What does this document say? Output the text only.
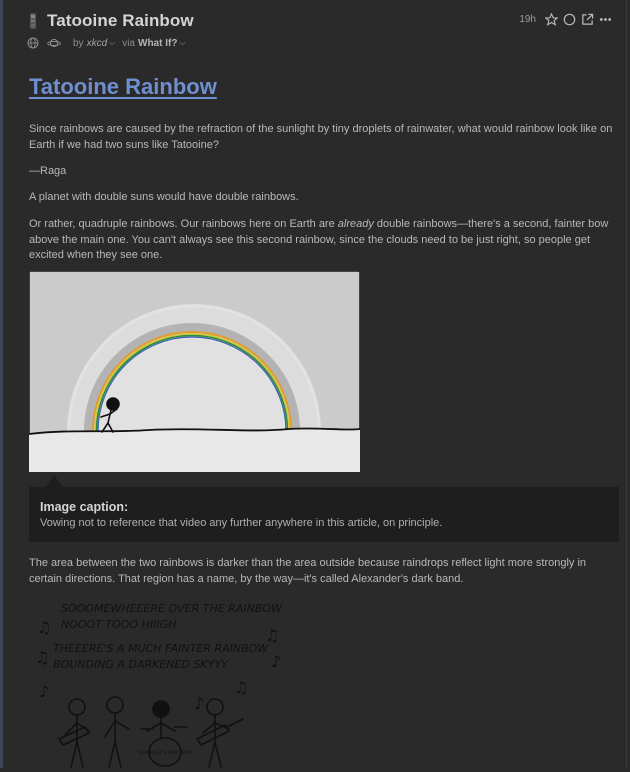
Tatooine Rainbow	19h
by xkcd ⌵ via What If? ⌵
Tatooine Rainbow

Since rainbows are caused by the refraction of the sunlight by tiny droplets of rainwater, what would rainbow look like on Earth if we had two suns like Tatooine?

—Raga

A planet with double suns would have double rainbows.

Or rather, quadruple rainbows. Our rainbows here on Earth are already double rainbows—there's a second, fainter bow above the main one. You can't always see this second rainbow, since the clouds need to be just right, so people get excited when they see one.

Image caption:
Vowing not to reference that video any further anywhere in this article, on principle.

The area between the two rainbows is darker than the area outside because raindrops reflect light more strongly in certain directions. That region has a name, by the way—it's called Alexander's dark band.

SOOOMEWHEEERE OVER THE RAINBOW
NOOOT TOOO HIIIGH
THEEERE'S A MUCH FAINTER RAINBOW
BOUNDING A DARKENED SKYYY
♫
♫
♫
♪
♫
♪
♪
ALEXANDER'S DARK BAND
